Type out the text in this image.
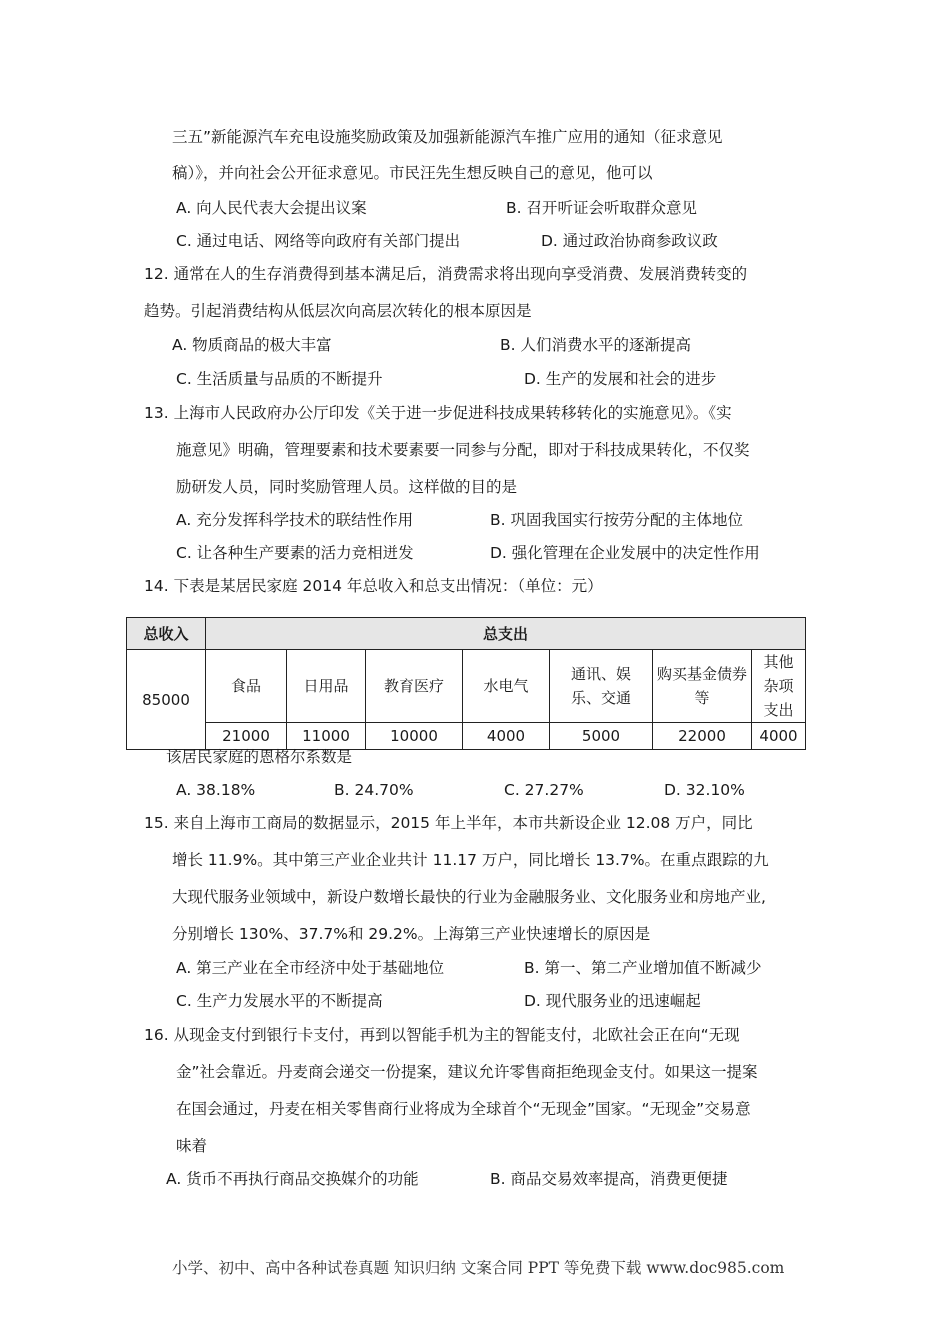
三五”新能源汽车充电设施奖励政策及加强新能源汽车推广应用的通知（征求意见
稿）》，并向社会公开征求意见。市民汪先生想反映自己的意见，他可以
A. 向人民代表大会提出议案	B. 召开听证会听取群众意见
C. 通过电话、网络等向政府有关部门提出	D. 通过政治协商参政议政
12. 通常在人的生存消费得到基本满足后，消费需求将出现向享受消费、发展消费转变的
趋势。引起消费结构从低层次向高层次转化的根本原因是
A. 物质商品的极大丰富	B. 人们消费水平的逐渐提高
C. 生活质量与品质的不断提升	D. 生产的发展和社会的进步
13. 上海市人民政府办公厅印发《关于进一步促进科技成果转移转化的实施意见》。《实
施意见》明确，管理要素和技术要素要一同参与分配，即对于科技成果转化，不仅奖
励研发人员，同时奖励管理人员。这样做的目的是
A. 充分发挥科学技术的联结性作用	B. 巩固我国实行按劳分配的主体地位
C. 让各种生产要素的活力竞相迸发	D. 强化管理在企业发展中的决定性作用
14. 下表是某居民家庭 2014 年总收入和总支出情况：（单位：元）
总收入	总支出						
85000	食品	日用品	教育医疗	水电气	通讯、娱乐、交通	购买基金债券等	其他杂项支出
	21000	11000	10000	4000	5000	22000	4000
该居民家庭的恩格尔系数是
A. 38.18%	B. 24.70%	C. 27.27%	D. 32.10%
15. 来自上海市工商局的数据显示，2015 年上半年，本市共新设企业 12.08 万户，同比
增长 11.9%。其中第三产业企业共计 11.17 万户，同比增长 13.7%。在重点跟踪的九
大现代服务业领域中，新设户数增长最快的行业为金融服务业、文化服务业和房地产业,
分别增长 130%、37.7%和 29.2%。上海第三产业快速增长的原因是
A. 第三产业在全市经济中处于基础地位	B. 第一、第二产业增加值不断减少
C. 生产力发展水平的不断提高	D. 现代服务业的迅速崛起
16. 从现金支付到银行卡支付，再到以智能手机为主的智能支付，北欧社会正在向“无现
金”社会靠近。丹麦商会递交一份提案，建议允许零售商拒绝现金支付。如果这一提案
在国会通过，丹麦在相关零售商行业将成为全球首个“无现金”国家。“无现金”交易意
味着
A. 货币不再执行商品交换媒介的功能	B. 商品交易效率提高，消费更便捷
小学、初中、高中各种试卷真题 知识归纳 文案合同 PPT 等免费下载 www.doc985.com
